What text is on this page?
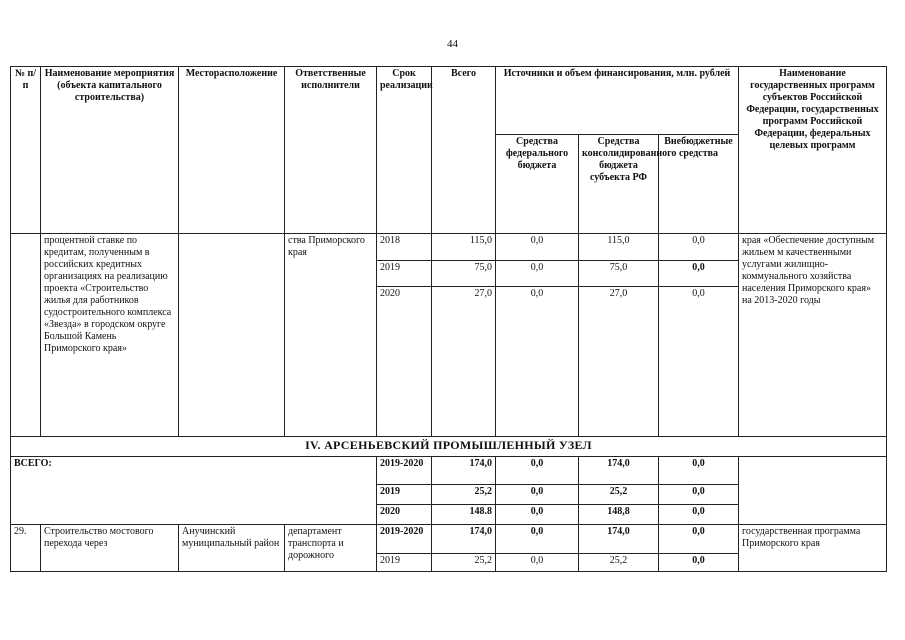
44
№ п/п	Наименование мероприятия (объекта капитального строительства)	Месторасположение	Ответственные исполнители	Срок реализации	Всего	Источники и объем финансирования, млн. рублей			Наименование государственных программ субъектов Российской Федерации, государственных программ Российской Федерации, федеральных целевых программ
						Средства федерального бюджета	Средства консолидированного бюджета субъекта РФ	Внебюджетные средства	
	процентной ставке по кредитам, полученным в российских кредитных организациях на реализацию проекта «Строительство жилья для работников судостроительного комплекса «Звезда» в городском округе Большой Камень Приморского края»		ства Приморского края	2018	115,0	0,0	115,0	0,0	края «Обеспечение доступным жильем м качественными услугами жилищно-коммунального хозяйства населения Приморского края» на 2013-2020 годы
				2019	75,0	0,0	75,0	0,0	
				2020	27,0	0,0	27,0	0,0	
IV. АРСЕНЬЕВСКИЙ ПРОМЫШЛЕННЫЙ УЗЕЛ									
ВСЕГО:				2019-2020	174,0	0,0	174,0	0,0	
				2019	25,2	0,0	25,2	0,0	
				2020	148.8	0,0	148,8	0,0	
29.	Строительство мостового перехода через	Анучинский муниципальный район	департамент транспорта и дорожного	2019-2020	174,0	0,0	174,0	0,0	государственная программа Приморского края
				2019	25,2	0,0	25,2	0,0	
